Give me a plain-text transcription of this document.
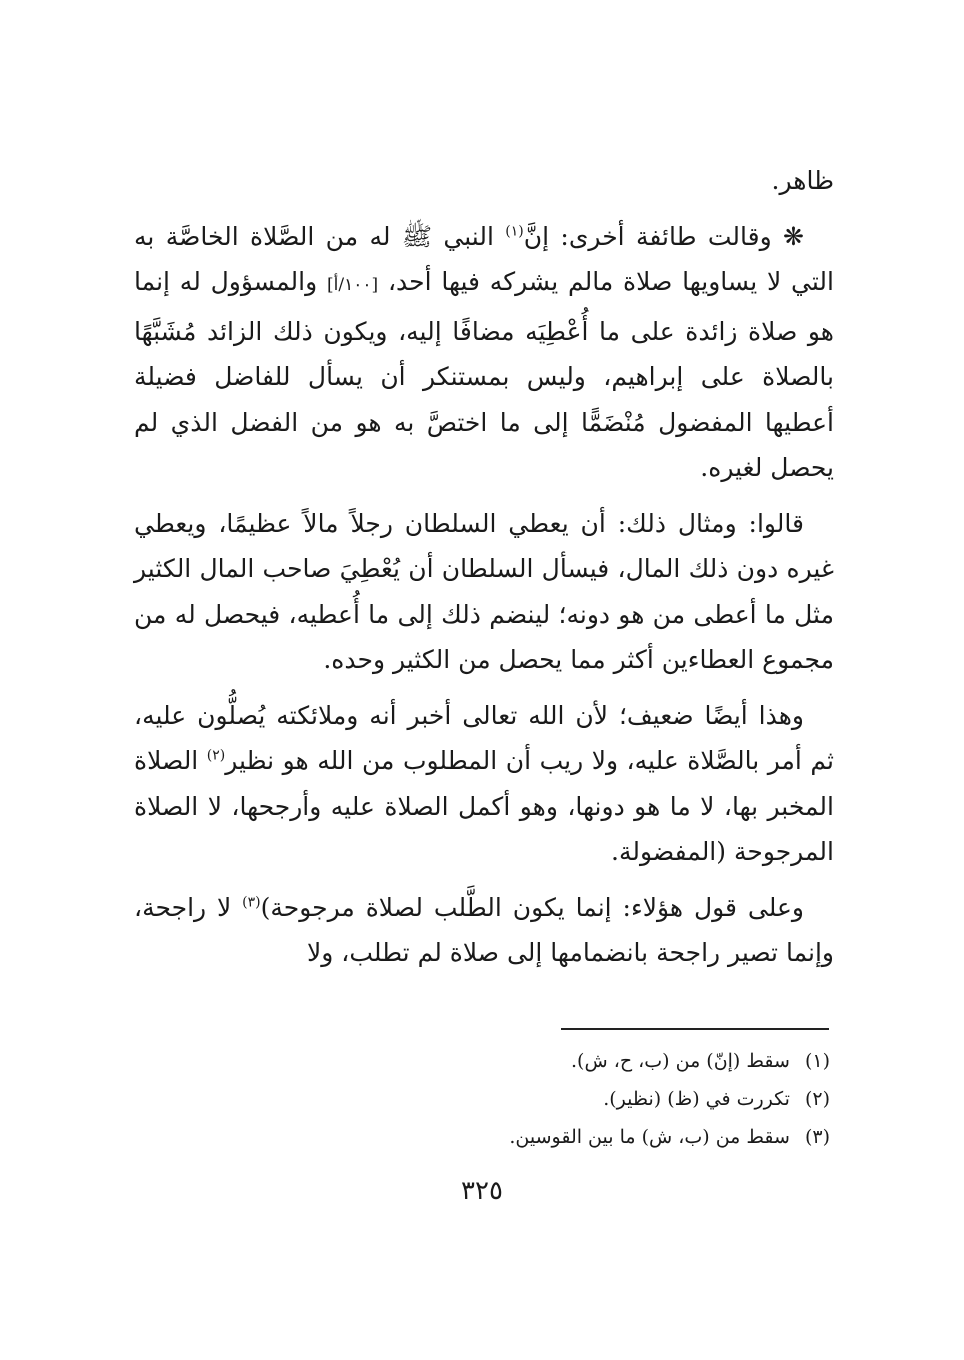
ظاهر.

❋ وقالت طائفة أخرى: إنَّ$^{(١)}$ النبي ﷺ له من الصَّلاة الخاصَّة به التي لا يساويها صلاة مالم يشركه فيها أحد، [١٠٠/أ] والمسؤول له إنما هو صلاة زائدة على ما أُعْطِيَه مضافًا إليه، ويكون ذلك الزائد مُشَبَّهًا بالصلاة على إبراهيم، وليس بمستنكر أن يسأل للفاضل فضيلة أعطيها المفضول مُنْضَمًّا إلى ما اختصَّ به هو من الفضل الذي لم يحصل لغيره.

قالوا: ومثال ذلك: أن يعطي السلطان رجلاً مالاً عظيمًا، ويعطي غيره دون ذلك المال، فيسأل السلطان أن يُعْطِيَ صاحب المال الكثير مثل ما أعطى من هو دونه؛ لينضم ذلك إلى ما أُعطيه، فيحصل له من مجموع العطاءين أكثر مما يحصل من الكثير وحده.

وهذا أيضًا ضعيف؛ لأن الله تعالى أخبر أنه وملائكته يُصلُّون عليه، ثم أمر بالصَّلاة عليه، ولا ريب أن المطلوب من الله هو نظير$^{(٢)}$ الصلاة المخبر بها، لا ما هو دونها، وهو أكمل الصلاة عليه وأرجحها، لا الصلاة المرجوحة (المفضولة.

وعلى قول هؤلاء: إنما يكون الطَّلب لصلاة مرجوحة)$^{(٣)}$ لا راجحة، وإنما تصير راجحة بانضمامها إلى صلاة لم تطلب، ولا

(١) سقط (إنّ) من (ب، ح، ش).
(٢) تكررت في (ظ) (نظير).
(٣) سقط من (ب، ش) ما بين القوسين.
٣٢٥
